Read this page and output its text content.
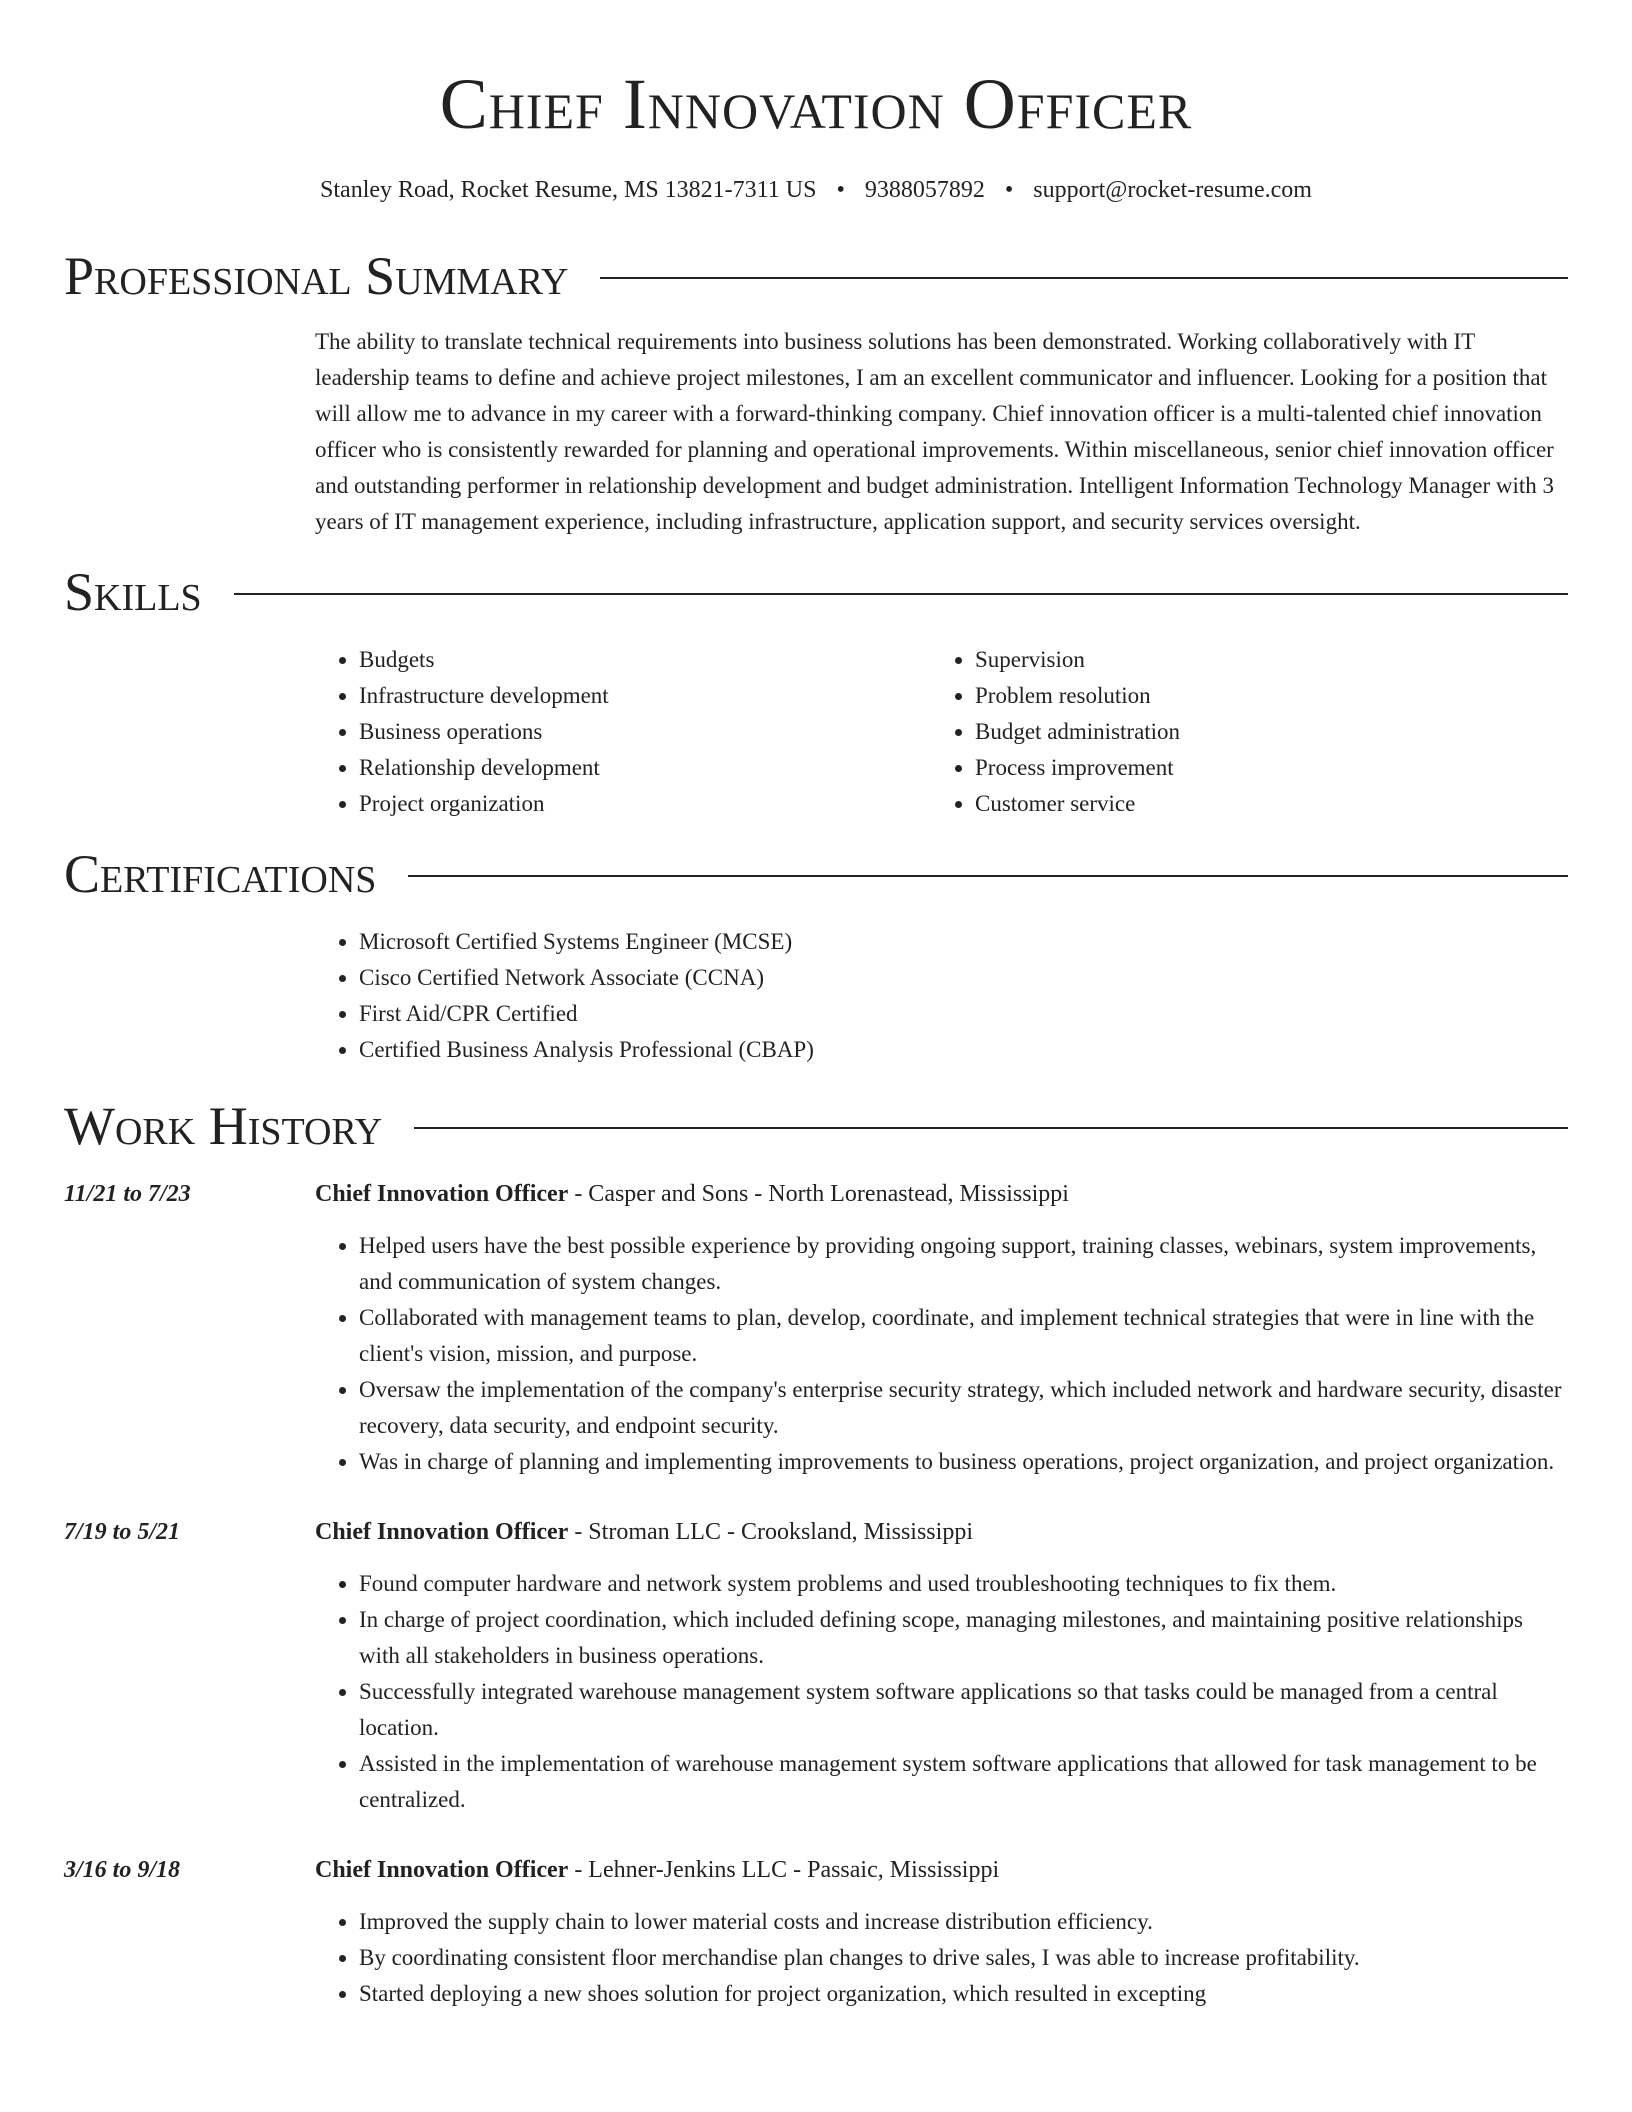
Chief Innovation Officer
Stanley Road, Rocket Resume, MS 13821-7311 US • 9388057892 • support@rocket-resume.com
Professional Summary

The ability to translate technical requirements into business solutions has been demonstrated. Working collaboratively with IT leadership teams to define and achieve project milestones, I am an excellent communicator and influencer. Looking for a position that will allow me to advance in my career with a forward-thinking company. Chief innovation officer is a multi-talented chief innovation officer who is consistently rewarded for planning and operational improvements. Within miscellaneous, senior chief innovation officer and outstanding performer in relationship development and budget administration. Intelligent Information Technology Manager with 3 years of IT management experience, including infrastructure, application support, and security services oversight.

Skills
• Budgets
• Infrastructure development
• Business operations
• Relationship development
• Project organization
• Supervision
• Problem resolution
• Budget administration
• Process improvement
• Customer service
Certifications
• Microsoft Certified Systems Engineer (MCSE)
• Cisco Certified Network Associate (CCNA)
• First Aid/CPR Certified
• Certified Business Analysis Professional (CBAP)
Work History
11/21 to 7/23	Chief Innovation Officer - Casper and Sons - North Lorenastead, Mississippi
• Helped users have the best possible experience by providing ongoing support, training classes, webinars, system improvements, and communication of system changes.
• Collaborated with management teams to plan, develop, coordinate, and implement technical strategies that were in line with the client's vision, mission, and purpose.
• Oversaw the implementation of the company's enterprise security strategy, which included network and hardware security, disaster recovery, data security, and endpoint security.
• Was in charge of planning and implementing improvements to business operations, project organization, and project organization.
7/19 to 5/21	Chief Innovation Officer - Stroman LLC - Crooksland, Mississippi
• Found computer hardware and network system problems and used troubleshooting techniques to fix them.
• In charge of project coordination, which included defining scope, managing milestones, and maintaining positive relationships with all stakeholders in business operations.
• Successfully integrated warehouse management system software applications so that tasks could be managed from a central location.
• Assisted in the implementation of warehouse management system software applications that allowed for task management to be centralized.
3/16 to 9/18	Chief Innovation Officer - Lehner-Jenkins LLC - Passaic, Mississippi
• Improved the supply chain to lower material costs and increase distribution efficiency.
• By coordinating consistent floor merchandise plan changes to drive sales, I was able to increase profitability.
• Started deploying a new shoes solution for project organization, which resulted in excepting
